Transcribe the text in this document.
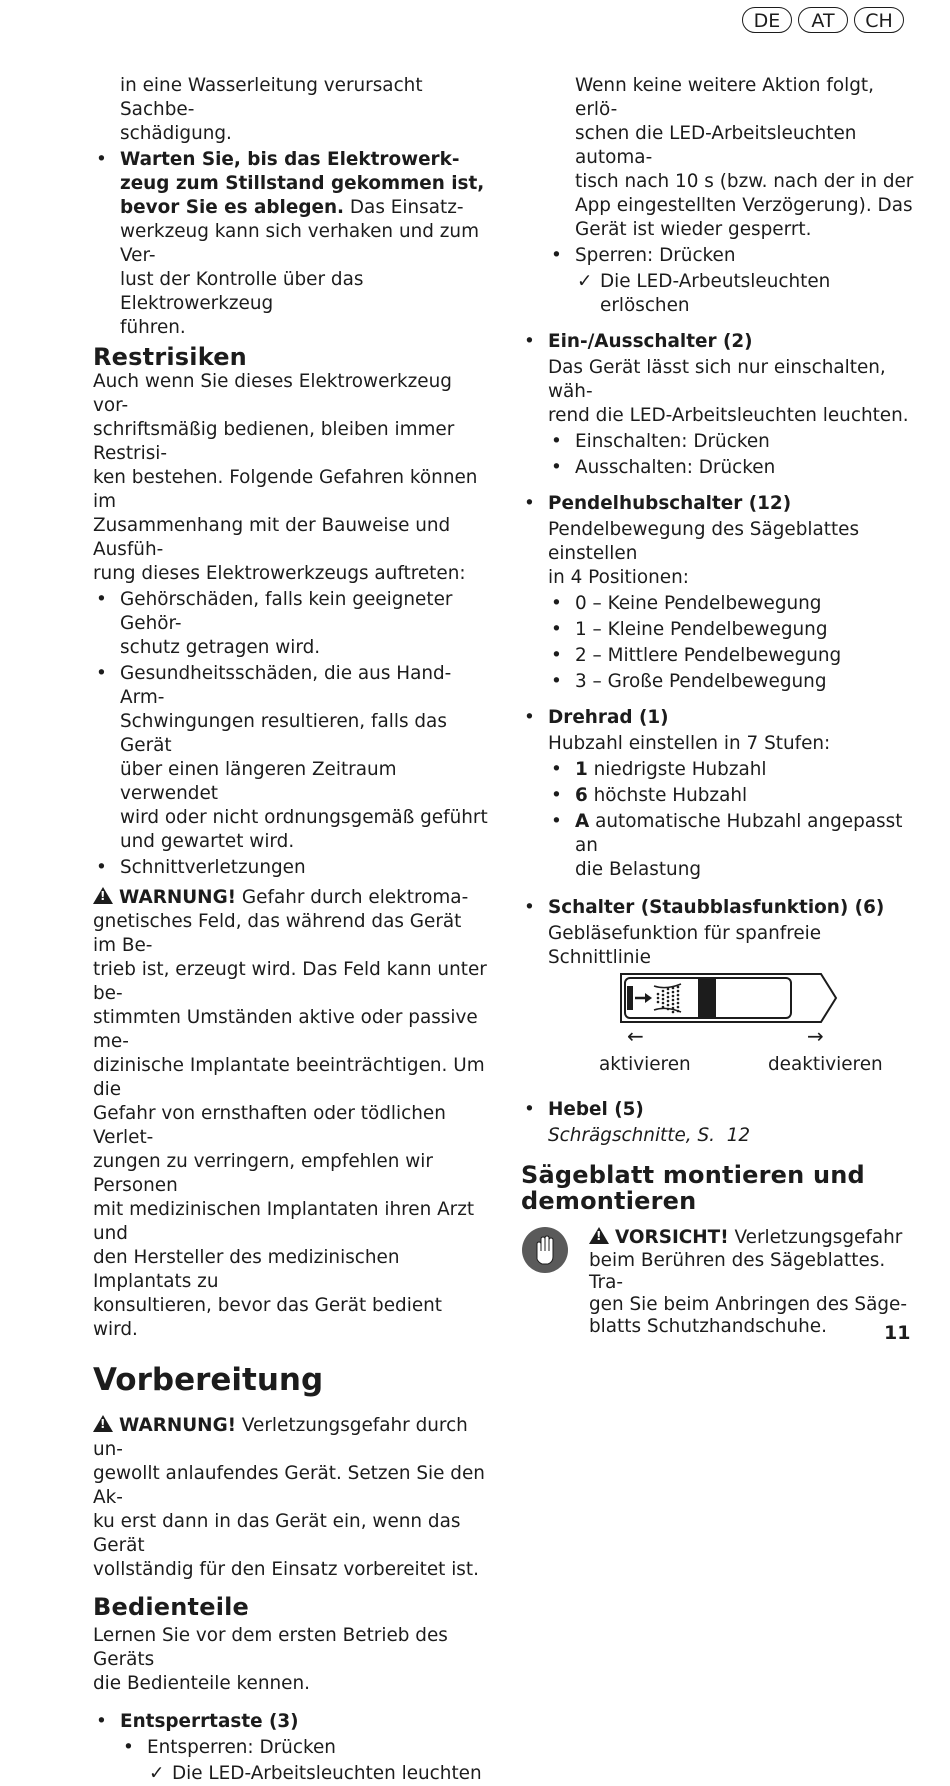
DE	AT	CH

in eine Wasserleitung verursacht Sachbe-

schädigung.

• Warten Sie, bis das Elektrowerk-

zeug zum Stillstand gekommen ist,

bevor Sie es ablegen. Das Einsatz-

werkzeug kann sich verhaken und zum Ver-

lust der Kontrolle über das Elektrowerkzeug

führen.

Restrisiken

Auch wenn Sie dieses Elektrowerkzeug vor-

schriftsmäßig bedienen, bleiben immer Restrisi-

ken bestehen. Folgende Gefahren können im

Zusammenhang mit der Bauweise und Ausfüh-

rung dieses Elektrowerkzeugs auftreten:

• Gehörschäden, falls kein geeigneter Gehör-

schutz getragen wird.

• Gesundheitsschäden, die aus Hand-Arm-

Schwingungen resultieren, falls das Gerät

über einen längeren Zeitraum verwendet

wird oder nicht ordnungsgemäß geführt

und gewartet wird.

• Schnittverletzungen

!WARNUNG! Gefahr durch elektroma-

gnetisches Feld, das während das Gerät im Be-

trieb ist, erzeugt wird. Das Feld kann unter be-

stimmten Umständen aktive oder passive me-

dizinische Implantate beeinträchtigen. Um die

Gefahr von ernsthaften oder tödlichen Verlet-

zungen zu verringern, empfehlen wir Personen

mit medizinischen Implantaten ihren Arzt und

den Hersteller des medizinischen Implantats zu

konsultieren, bevor das Gerät bedient wird.

Vorbereitung

!WARNUNG! Verletzungsgefahr durch un-

gewollt anlaufendes Gerät. Setzen Sie den Ak-

ku erst dann in das Gerät ein, wenn das Gerät

vollständig für den Einsatz vorbereitet ist.

Bedienteile

Lernen Sie vor dem ersten Betrieb des Geräts

die Bedienteile kennen.

• Entsperrtaste (3)

• Entsperren: Drücken

✓ Die LED-Arbeitsleuchten leuchten

Wenn keine weitere Aktion folgt, erlö-

schen die LED-Arbeitsleuchten automa-

tisch nach 10 s (bzw. nach der in der

App eingestellten Verzögerung). Das

Gerät ist wieder gesperrt.

• Sperren: Drücken

✓ Die LED-Arbeutsleuchten erlöschen

• Ein-/Ausschalter (2)

Das Gerät lässt sich nur einschalten, wäh-

rend die LED-Arbeitsleuchten leuchten.

• Einschalten: Drücken

• Ausschalten: Drücken

• Pendelhubschalter (12)

Pendelbewegung des Sägeblattes einstellen

in 4 Positionen:

• 0 – Keine Pendelbewegung

• 1 – Kleine Pendelbewegung

• 2 – Mittlere Pendelbewegung

• 3 – Große Pendelbewegung

• Drehrad (1)

Hubzahl einstellen in 7 Stufen:

• 1 niedrigste Hubzahl

• 6 höchste Hubzahl

• A automatische Hubzahl angepasst an

die Belastung

• Schalter (Staubblasfunktion) (6)

Gebläsefunktion für spanfreie Schnittlinie

←	→
aktivieren	deaktivieren

• Hebel (5)

Schrägschnitte, S.  12

Sägeblatt montieren und
demontieren

!VORSICHT! Verletzungsgefahr

beim Berühren des Sägeblattes. Tra-

gen Sie beim Anbringen des Säge-

blatts Schutzhandschuhe.	11
